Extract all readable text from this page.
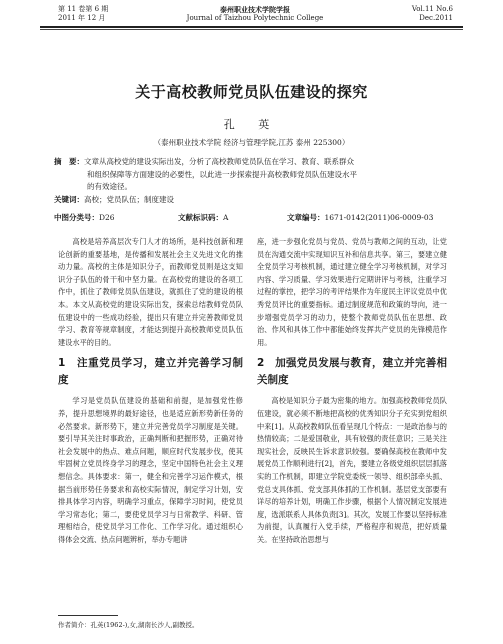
第 11 卷第 6 期
2011 年 12 月
泰州职业技术学院学报
Journal of Taizhou Polytechnic College
Vol.11 No.6
Dec.2011
关于高校教师党员队伍建设的探究
孔 英
（泰州职业技术学院 经济与管理学院,江苏 泰州 225300）
摘　要：文章从高校党的建设实际出发，分析了高校教师党员队伍在学习、教育、联系群众
和组织保障等方面建设的必要性，以此进一步探索提升高校教师党员队伍建设水平
的有效途径。
关键词：高校；党员队伍；制度建设
中图分类号：D26	文献标识码：A	文章编号：1671-0142(2011)06-0009-03

高校是培养高层次专门人才的场所，是科技创新和理论创新的重要基地，是传播和发展社会主义先进文化的推动力量。高校的主体是知识分子，而教师党员则是这支知识分子队伍的骨干和中坚力量。在高校党的建设的各项工作中，抓住了教师党员队伍建设，就抓住了党的建设的根本。本文从高校党的建设实际出发，探索总结教师党员队伍建设中的一些成功经验，提出只有建立并完善教师党员学习、教育等规章制度，才能达到提升高校教师党员队伍建设水平的目的。

1　注重党员学习，建立并完善学习制度

学习是党员队伍建设的基础和前提，是加强党性修养，提升思想境界的最好途径，也是适应新形势新任务的必然要求。新形势下，建立并完善党员学习制度是关键。要引导其关注时事政治，正确判断和把握形势，正确对待社会发展中的热点、难点问题，顺应时代发展步伐，使其牢固树立党员终身学习的理念，坚定中国特色社会主义理想信念。具体要求：第一，健全和完善学习运作模式，根据当前形势任务要求和高校实际情况，制定学习计划，安排具体学习内容，明确学习重点，保障学习时间，使党员学习常态化；第二，要使党员学习与日常教学、科研、管理相结合，使党员学习工作化、工作学习化。通过组织心得体会交流、热点问题辨析，举办专题讲

座，进一步强化党员与党员、党员与教师之间的互动，让党员在沟通交流中实现知识互补和信息共享。第三，要建立健全党员学习考核机制，通过建立健全学习考核机制，对学习内容、学习质量、学习效果进行定期讲评与考核，注重学习过程的掌控，把学习的考评结果作为年度民主评议党员中优秀党员评比的重要指标。通过制度规范和政策的导向，进一步增强党员学习的动力，使整个教师党员队伍在思想、政治、作风和具体工作中都能始终发挥共产党员的先锋模范作用。

2　加强党员发展与教育，建立并完善相关制度

高校是知识分子最为密集的地方。加强高校教师党员队伍建设，就必须不断地把高校的优秀知识分子充实到党组织中来[1]。从高校教师队伍看呈现几个特点：一是政治参与的热情较高；二是爱国敬业，具有较强的责任意识；三是关注现实社会，反映民生诉求意识较强。要确保高校在教师中发展党员工作顺利进行[2]，首先，要建立各级党组织层层抓落实的工作机制，即建立学院党委统一领导、组织部牵头抓、党总支具体抓、党支部具体抓的工作机制。基层党支部要有详尽的培养计划，明确工作步骤，根据个人情况制定发展进度，选派联系人具体负责[3]。其次，发展工作要以坚持标准为前提，认真履行入党手续，严格程序和规范，把好质量关。在坚持政治思想与

作者简介：孔英(1962-),女,湖南长沙人,副教授。
